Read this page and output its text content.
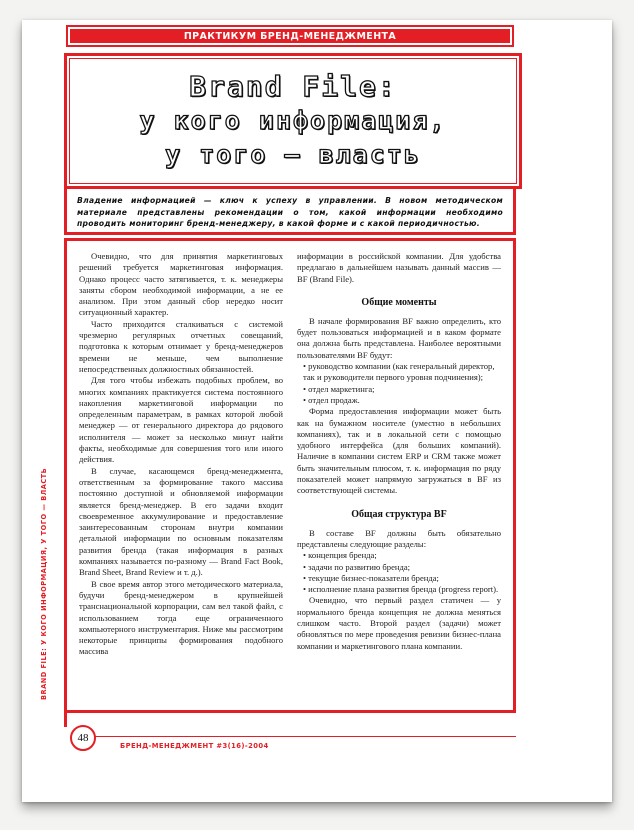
ПРАКТИКУМ БРЕНД-МЕНЕДЖМЕНТА
Brand File:
у кого информация,
у того — власть

Владение информацией — ключ к успеху в управлении. В новом методическом материале представлены рекомендации о том, какой информации необходимо проводить мониторинг бренд-менеджеру, в какой форме и с какой периодичностью.

Очевидно, что для принятия маркетинговых решений требуется маркетинговая информация. Однако процесс часто затягивается, т. к. менеджеры заняты сбором необходимой информации, а не ее анализом. При этом данный сбор нередко носит ситуационный характер.

Часто приходится сталкиваться с системой чрезмерно регулярных отчетных совещаний, подготовка к которым отнимает у бренд-менеджеров времени не меньше, чем выполнение непосредственных должностных обязанностей.

Для того чтобы избежать подобных проблем, во многих компаниях практикуется система постоянного накопления маркетинговой информации по определенным параметрам, в рамках которой любой менеджер — от генерального директора до рядового исполнителя — может за несколько минут найти факты, необходимые для совершения того или иного действия.

В случае, касающемся бренд-менеджмента, ответственным за формирование такого массива постоянно доступной и обновляемой информации является бренд-менеджер. В его задачи входит своевременное аккумулирование и предоставление заинтересованным сторонам внутри компании детальной информации по основным показателям развития бренда (такая информация в разных компаниях называется по-разному — Brand Fact Book, Brand Sheet, Brand Review и т. д.).

В свое время автор этого методического материала, будучи бренд-менеджером в крупнейшей транснациональной корпорации, сам вел такой файл, с использованием тогда еще ограниченного компьютерного инструментария. Ниже мы рассмотрим некоторые принципы формирования подобного массива

информации в российской компании. Для удобства предлагаю в дальнейшем называть данный массив — BF (Brand File).

Общие моменты

В начале формирования BF важно определить, кто будет пользоваться информацией и в каком формате она должна быть представлена. Наиболее вероятными пользователями BF будут:

• руководство компании (как генеральный директор, так и руководители первого уровня подчинения);
• отдел маркетинга;
• отдел продаж.

Форма предоставления информации может быть как на бумажном носителе (уместно в небольших компаниях), так и в локальной сети с помощью удобного интерфейса (для больших компаний). Наличие в компании систем ERP и CRM также может быть значительным плюсом, т. к. информация по ряду показателей может напрямую загружаться в BF из соответствующей системы.

Общая структура BF

В составе BF должны быть обязательно представлены следующие разделы:

• концепция бренда;
• задачи по развитию бренда;
• текущие бизнес-показатели бренда;
• исполнение плана развития бренда (progress report).

Очевидно, что первый раздел статичен — у нормального бренда концепция не должна меняться слишком часто. Второй раздел (задачи) может обновляться по мере проведения ревизии бизнес-плана компании и маркетингового плана компании.

BRAND FILE: У КОГО ИНФОРМАЦИЯ, У ТОГО — ВЛАСТЬ
48
БРЕНД-МЕНЕДЖМЕНТ #3(16)-2004
